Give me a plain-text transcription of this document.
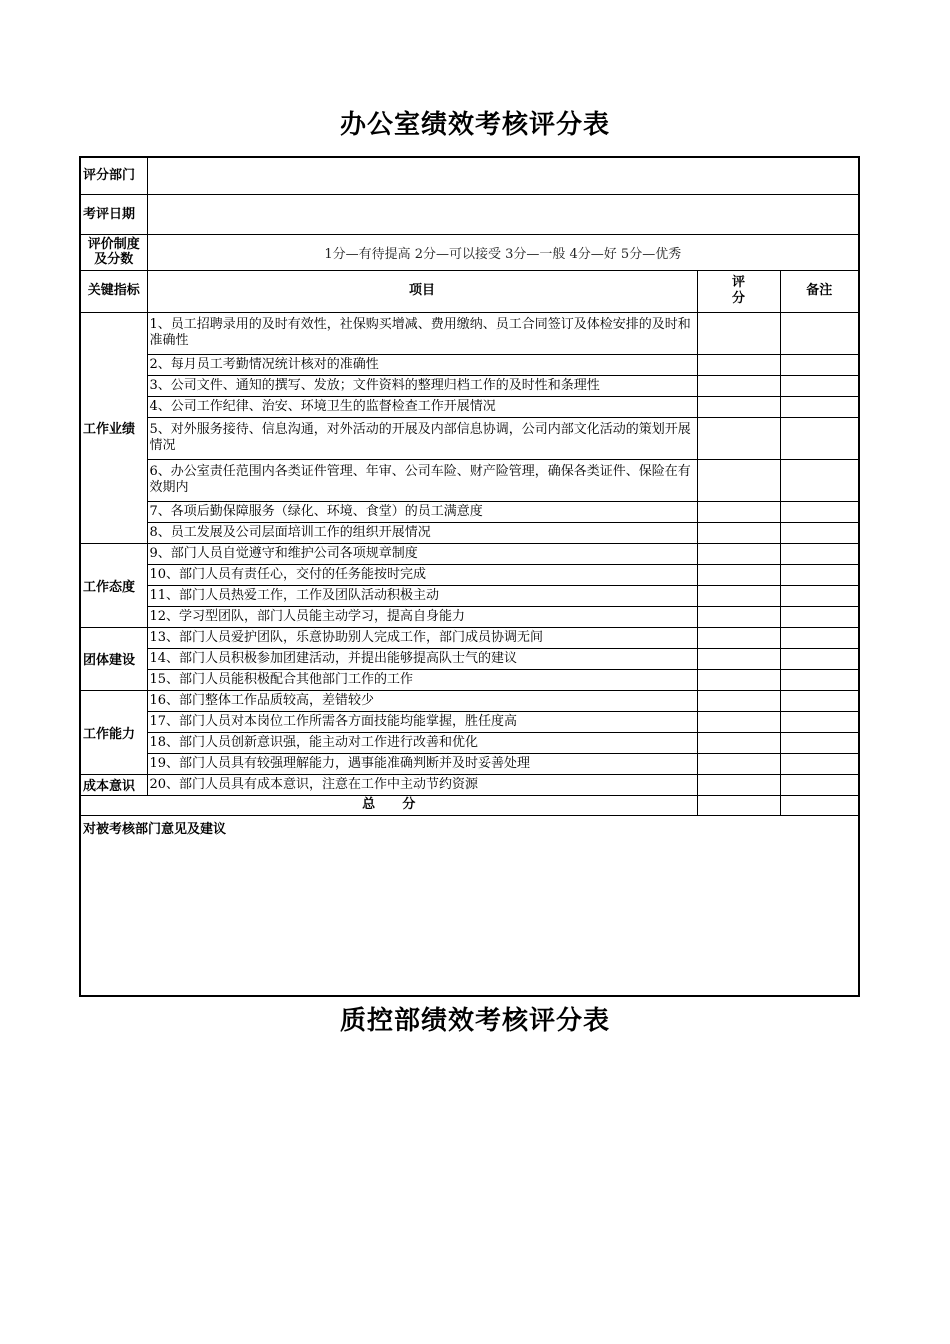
办公室绩效考核评分表
评分部门			
考评日期			
评价制度及分数	1分—有待提高 2分—可以接受 3分—一般 4分—好 5分—优秀		
关键指标	项目	评分	备注
工作业绩	1、员工招聘录用的及时有效性，社保购买增减、费用缴纳、员工合同签订及体检安排的及时和准确性		
	2、每月员工考勤情况统计核对的准确性		
	3、公司文件、通知的撰写、发放；文件资料的整理归档工作的及时性和条理性		
	4、公司工作纪律、治安、环境卫生的监督检查工作开展情况		
	5、对外服务接待、信息沟通，对外活动的开展及内部信息协调，公司内部文化活动的策划开展情况		
	6、办公室责任范围内各类证件管理、年审、公司车险、财产险管理，确保各类证件、保险在有效期内		
	7、各项后勤保障服务（绿化、环境、食堂）的员工满意度		
	8、员工发展及公司层面培训工作的组织开展情况		
工作态度	9、部门人员自觉遵守和维护公司各项规章制度		
	10、部门人员有责任心，交付的任务能按时完成		
	11、部门人员热爱工作，工作及团队活动积极主动		
	12、学习型团队，部门人员能主动学习，提高自身能力		
团体建设	13、部门人员爱护团队，乐意协助别人完成工作，部门成员协调无间		
	14、部门人员积极参加团建活动，并提出能够提高队士气的建议		
	15、部门人员能积极配合其他部门工作的工作		
工作能力	16、部门整体工作品质较高，差错较少		
	17、部门人员对本岗位工作所需各方面技能均能掌握，胜任度高		
	18、部门人员创新意识强，能主动对工作进行改善和优化		
	19、部门人员具有较强理解能力，遇事能准确判断并及时妥善处理		
成本意识	20、部门人员具有成本意识，注意在工作中主动节约资源		
总      分			
对被考核部门意见及建议			
质控部绩效考核评分表
